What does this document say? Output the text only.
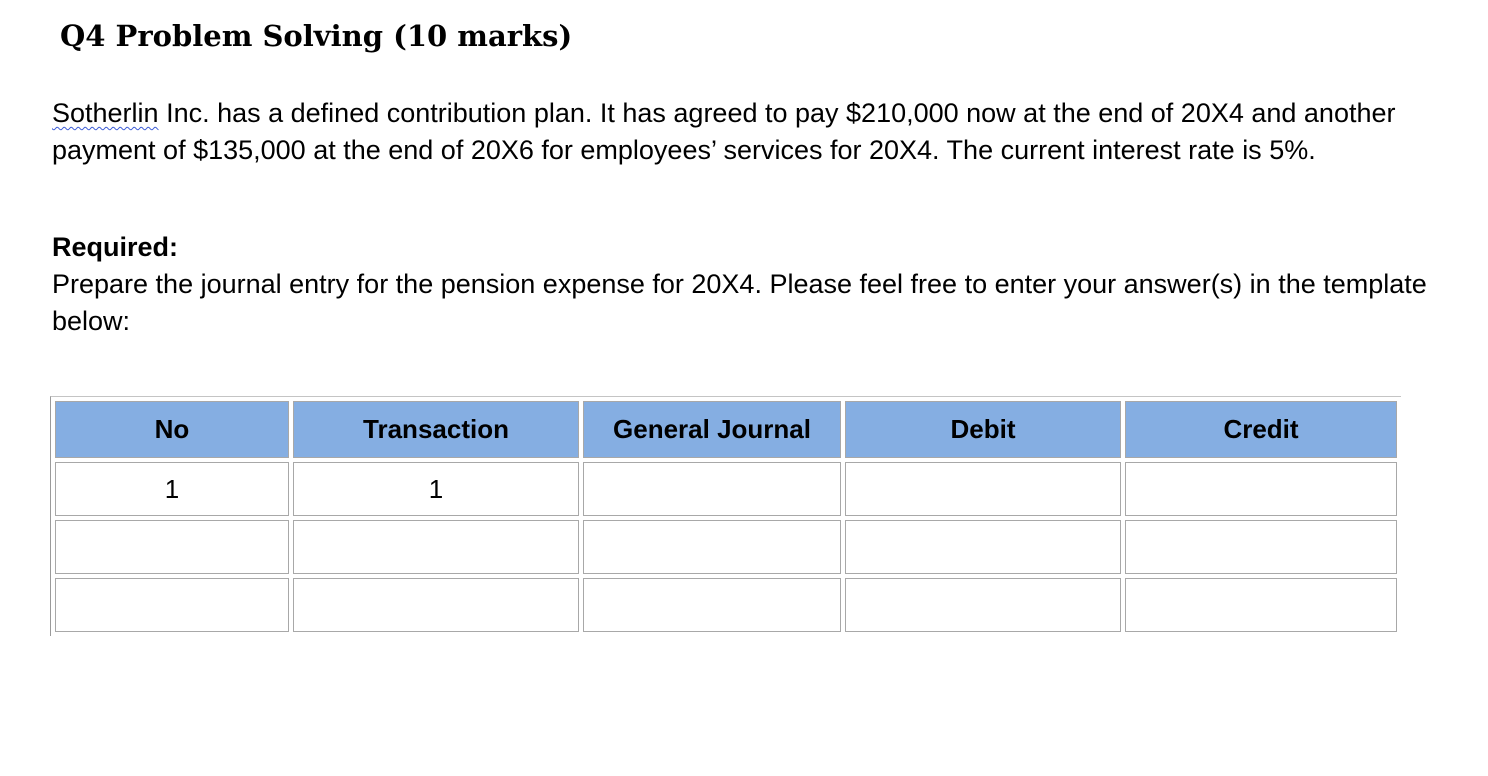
Q4 Problem Solving (10 marks)

Sotherlin Inc. has a defined contribution plan. It has agreed to pay $210,000 now at the end of 20X4 and another payment of $135,000 at the end of 20X6 for employees’ services for 20X4. The current interest rate is 5%.

Required:

Prepare the journal entry for the pension expense for 20X4. Please feel free to enter your answer(s) in the template below:

No	Transaction	General Journal	Debit	Credit
1	1			
